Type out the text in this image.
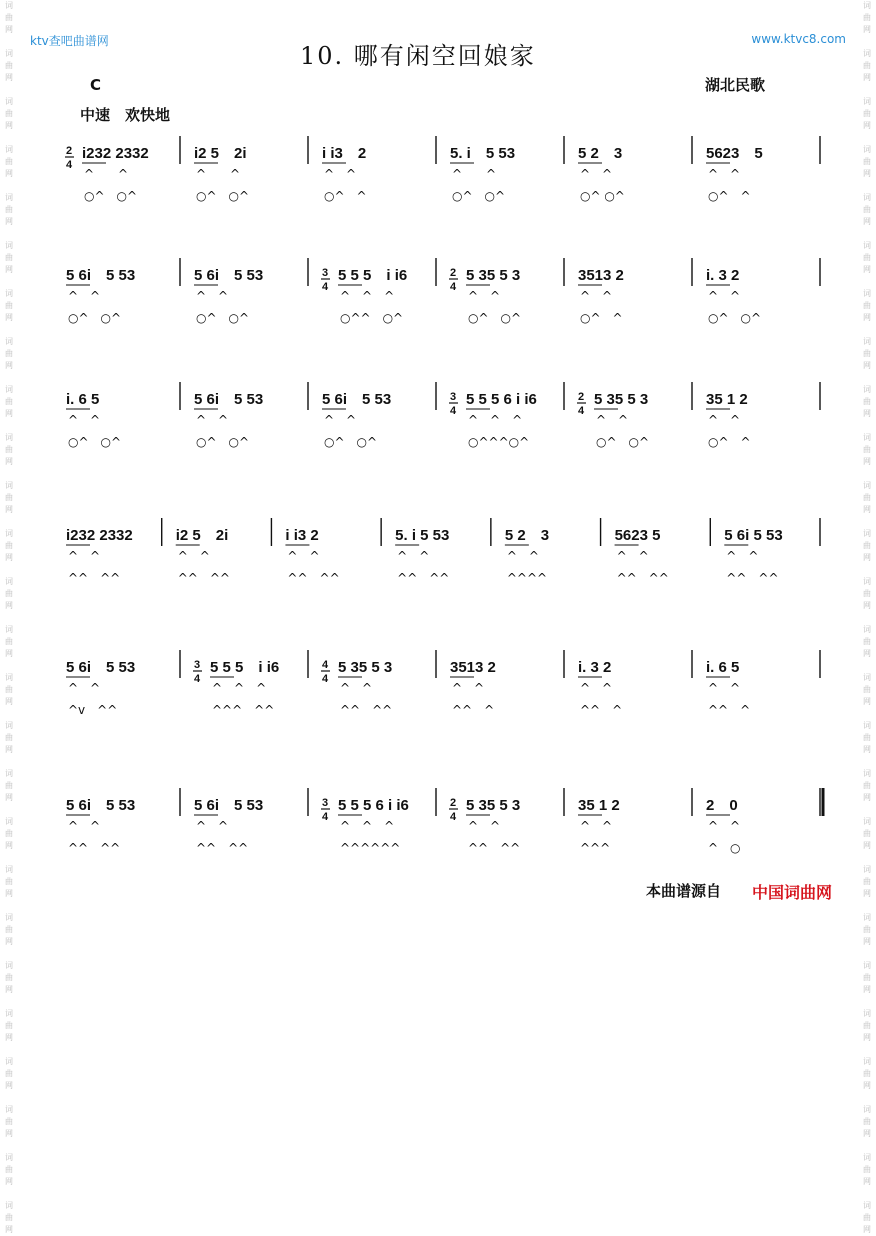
词
曲
网

词
曲
网

词
曲
网

词
曲
网

词
曲
网

词
曲
网

词
曲
网

词
曲
网

词
曲
网

词
曲
网

词
曲
网

词
曲
网

词
曲
网

词
曲
网

词
曲
网

词
曲
网

词
曲
网

词
曲
网

词
曲
网

词
曲
网

词
曲
网

词
曲
网

词
曲
网

词
曲
网

词
曲
网

词
曲
网

词
曲
网

词
曲
网

词
曲
网

词
曲
网

词
曲
网

词
曲
网

词
曲
网

词
曲
网

词
曲
网

词
曲
网

词
曲
网

词
曲
网

词
曲
网

词
曲
网

词
曲
网

词
曲
网

词
曲
网

词
曲
网

词
曲
网

词
曲
网

词
曲
网

词
曲
网

词
曲
网

词
曲
网

词
曲
网

词
曲
网

ktv查吧曲谱网	www.ktvc8.com
10. 哪有闲空回娘家
湖北民歌
C
中速　欢快地
2
4
i232 2332
^　　^
○^　○^
i2 5　2i
^　　^
○^　○^
i i3　2
^　^
○^　^
5. i　5 53
^　　^
○^　○^
5 2　3
^　^
○^ ○^
5623　5
^　^
○^　^
5 6i　5 53
^　^
○^　○^
5 6i　5 53
^　^
○^　○^
3
4
5 5 5　i i6
^　^　^
○^^　○^
2
4
5 35 5 3
^　^
○^　○^
3513 2
^　^
○^　^
i. 3 2
^　^
○^　○^
i. 6 5
^　^
○^　○^
5 6i　5 53
^　^
○^　○^
5 6i　5 53
^　^
○^　○^
3
4
5 5 5 6 i i6
^　^　^
○^^^○^
2
4
5 35 5 3
^　^
○^　○^
35 1 2
^　^
○^　^
i232 2332
^　^
^^　^^
i2 5　2i
^　^
^^　^^
i i3 2
^　^
^^　^^
5. i 5 53
^　^
^^　^^
5 2　3
^　^
^^^^
5623 5
^　^
^^　^^
5 6i 5 53
^　^
^^　^^
5 6i　5 53
^　^
^v　^^
3
4
5 5 5　i i6
^　^　^
^^^　^^
4
4
5 35 5 3
^　^
^^　^^
3513 2
^　^
^^　^
i. 3 2
^　^
^^　^
i. 6 5
^　^
^^　^
5 6i　5 53
^　^
^^　^^
5 6i　5 53
^　^
^^　^^
3
4
5 5 5 6 i i6
^　^　^
^^^^^^
2
4
5 35 5 3
^　^
^^　^^
35 1 2
^　^
^^^
2　0
^　^
^　○
本曲谱源自 中国词曲网
